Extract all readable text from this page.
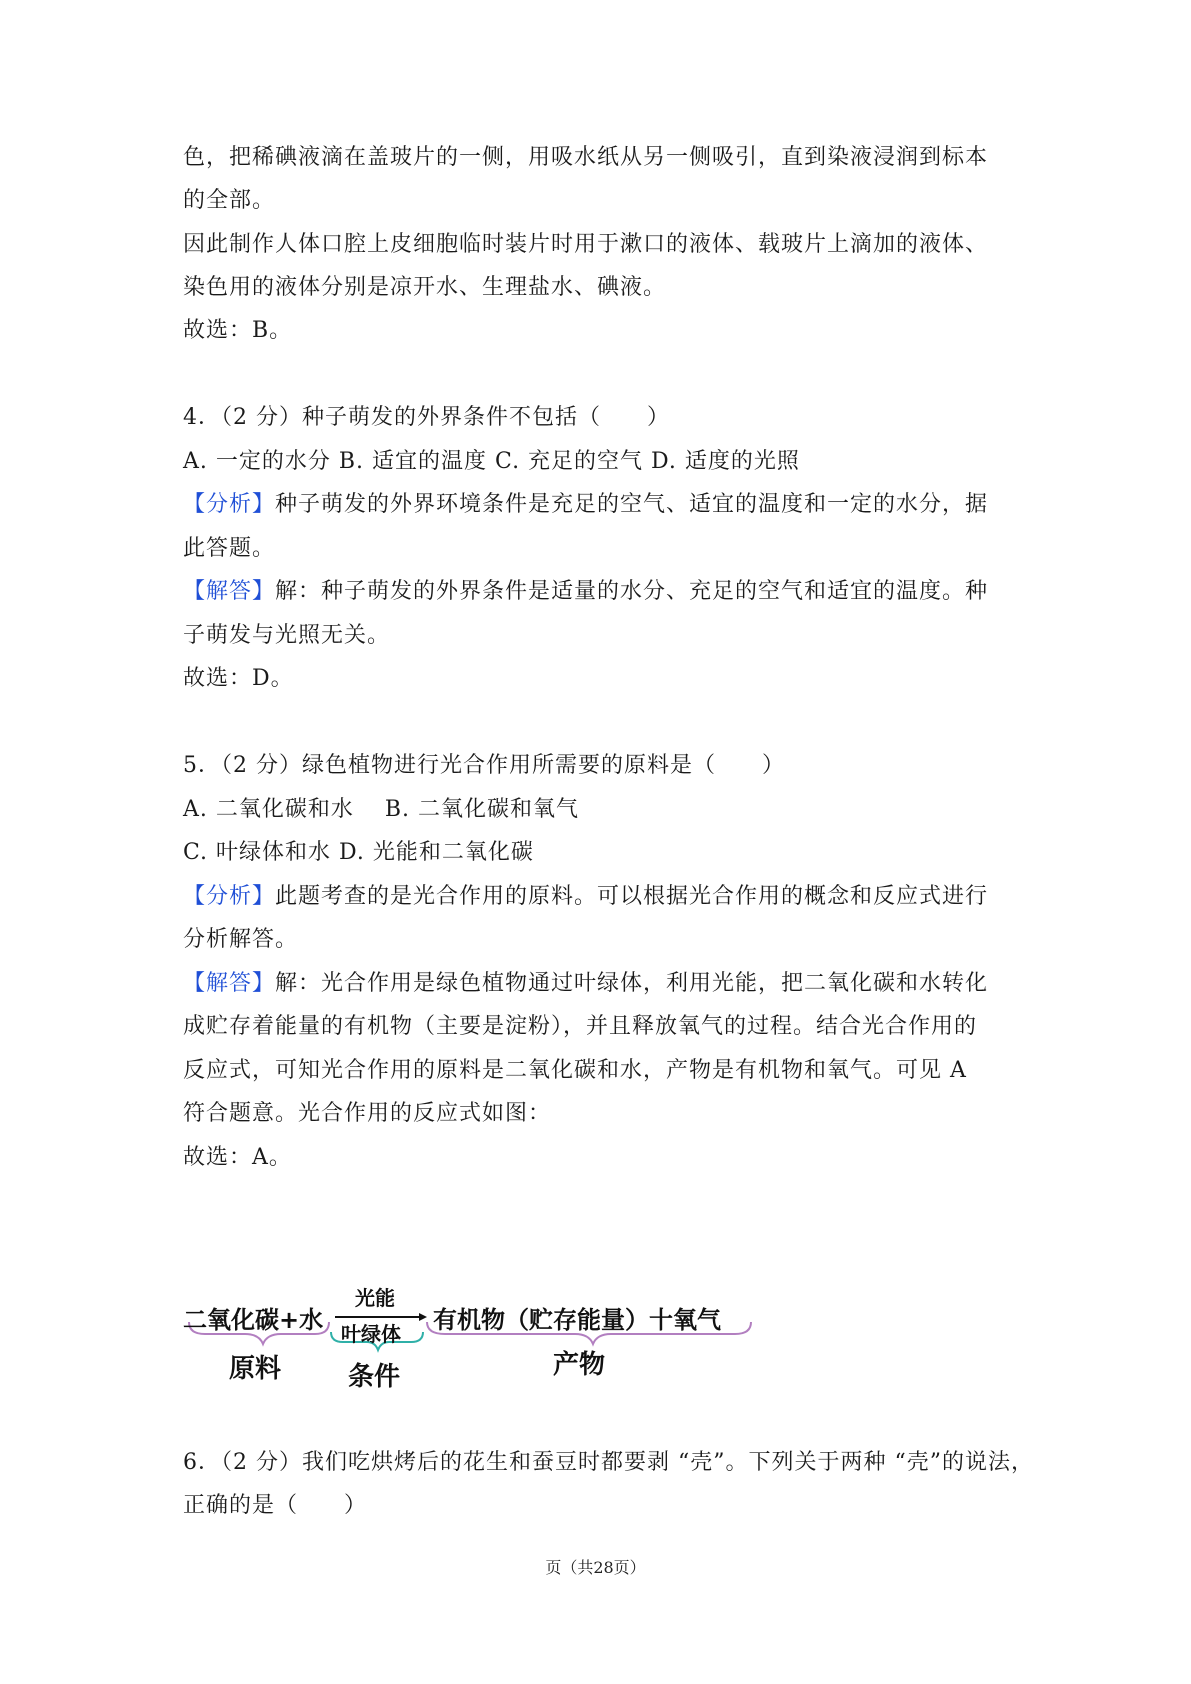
色，把稀碘液滴在盖玻片的一侧，用吸水纸从另一侧吸引，直到染液浸润到标本

的全部。

因此制作人体口腔上皮细胞临时装片时用于漱口的液体、载玻片上滴加的液体、

染色用的液体分别是凉开水、生理盐水、碘液。

故选：B。

4．（2 分）种子萌发的外界条件不包括（　　）

A. 一定的水分 B. 适宜的温度 C. 充足的空气 D. 适度的光照

【分析】种子萌发的外界环境条件是充足的空气、适宜的温度和一定的水分，据

此答题。

【解答】解：种子萌发的外界条件是适量的水分、充足的空气和适宜的温度。种

子萌发与光照无关。

故选：D。

5．（2 分）绿色植物进行光合作用所需要的原料是（　　）

A. 二氧化碳和水　 B. 二氧化碳和氧气

C. 叶绿体和水 D. 光能和二氧化碳

【分析】此题考查的是光合作用的原料。可以根据光合作用的概念和反应式进行

分析解答。

【解答】解：光合作用是绿色植物通过叶绿体，利用光能，把二氧化碳和水转化

成贮存着能量的有机物（主要是淀粉），并且释放氧气的过程。结合光合作用的

反应式，可知光合作用的原料是二氧化碳和水，产物是有机物和氧气。可见 A

符合题意。光合作用的反应式如图：

故选：A。

二氧化碳+水
光能
叶绿体 有机物（贮存能量）十氧气
原料	条件	产物

6．（2 分）我们吃烘烤后的花生和蚕豆时都要剥 “壳”。下列关于两种 “壳”的说法，

正确的是（　　）

页（共28页）
